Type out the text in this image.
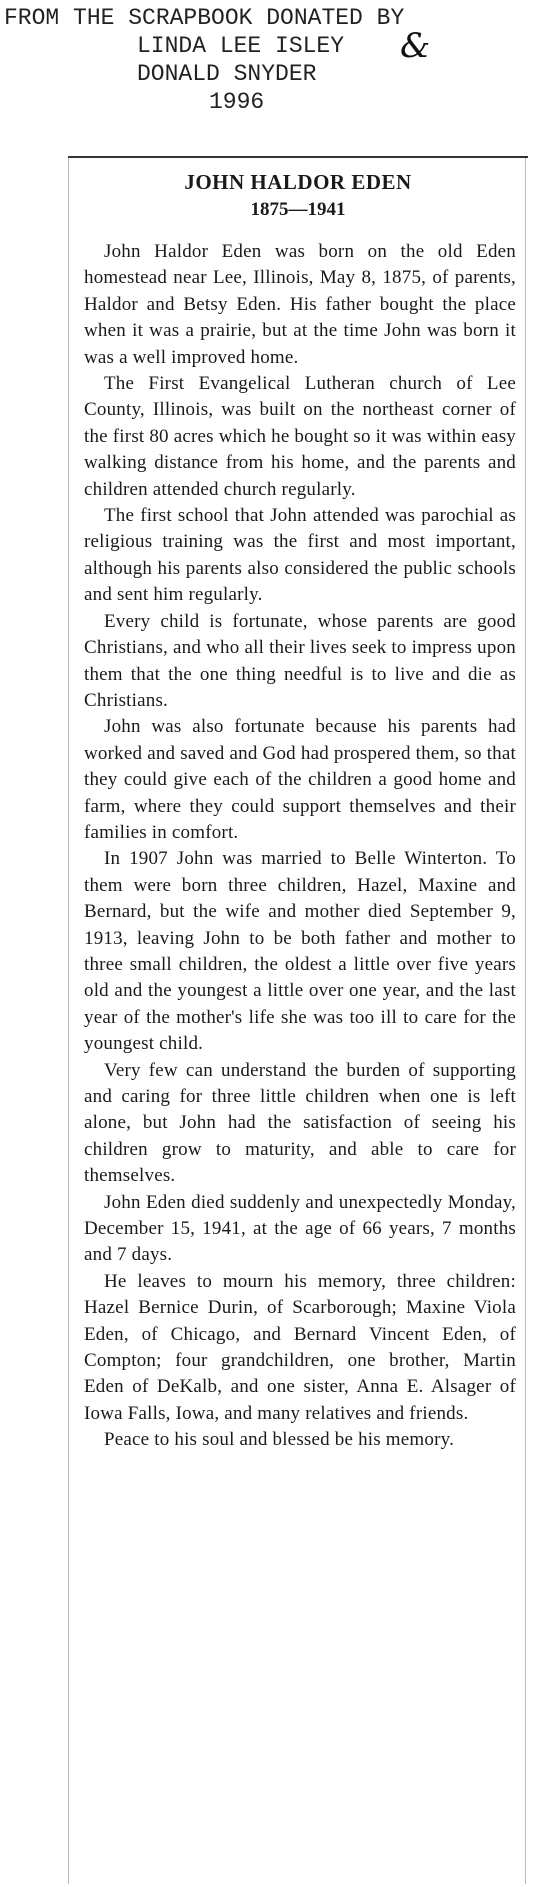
FROM THE SCRAPBOOK DONATED BY
LINDA LEE ISLEY
DONALD SNYDER
1996
&
JOHN HALDOR EDEN
1875—1941

John Haldor Eden was born on the old Eden homestead near Lee, Illinois, May 8, 1875, of parents, Haldor and Betsy Eden. His father bought the place when it was a prairie, but at the time John was born it was a well improved home.

The First Evangelical Lutheran church of Lee County, Illinois, was built on the northeast corner of the first 80 acres which he bought so it was within easy walking distance from his home, and the parents and children attended church regularly.

The first school that John attended was parochial as religious training was the first and most important, although his parents also considered the public schools and sent him regularly.

Every child is fortunate, whose parents are good Christians, and who all their lives seek to impress upon them that the one thing needful is to live and die as Christians.

John was also fortunate because his parents had worked and saved and God had prospered them, so that they could give each of the children a good home and farm, where they could support themselves and their families in comfort.

In 1907 John was married to Belle Winterton. To them were born three children, Hazel, Maxine and Bernard, but the wife and mother died September 9, 1913, leaving John to be both father and mother to three small children, the oldest a little over five years old and the youngest a little over one year, and the last year of the mother's life she was too ill to care for the youngest child.

Very few can understand the burden of supporting and caring for three little children when one is left alone, but John had the satisfaction of seeing his children grow to maturity, and able to care for themselves.

John Eden died suddenly and unexpectedly Monday, December 15, 1941, at the age of 66 years, 7 months and 7 days.

He leaves to mourn his memory, three children: Hazel Bernice Durin, of Scarborough; Maxine Viola Eden, of Chicago, and Bernard Vincent Eden, of Compton; four grandchildren, one brother, Martin Eden of DeKalb, and one sister, Anna E. Alsager of Iowa Falls, Iowa, and many relatives and friends.

Peace to his soul and blessed be his memory.
